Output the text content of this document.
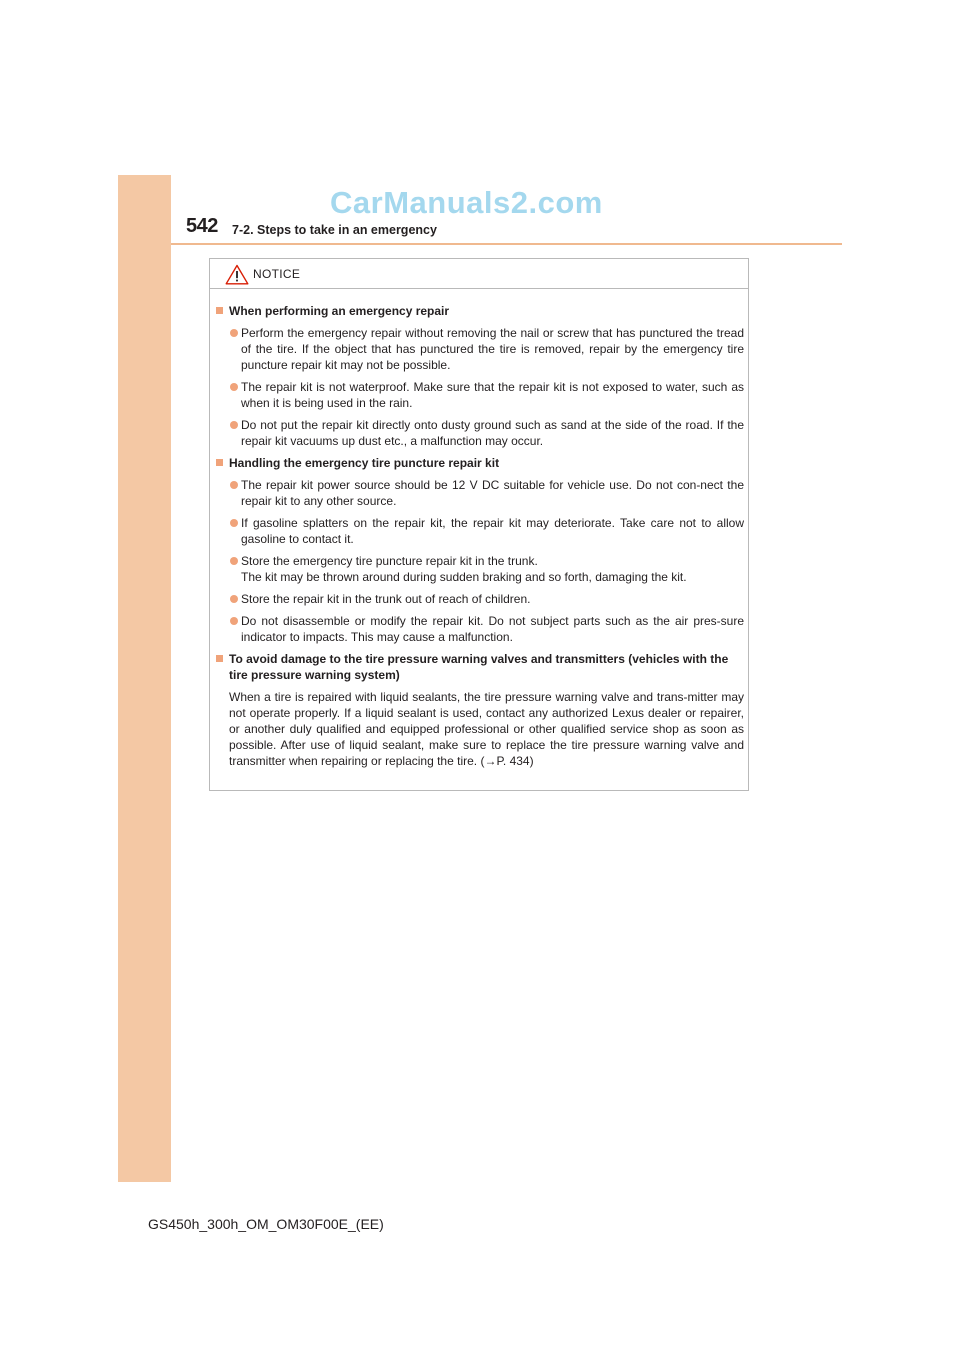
542 7-2. Steps to take in an emergency
CarManuals2.com
NOTICE
When performing an emergency repair
Perform the emergency repair without removing the nail or screw that has punctured the tread of the tire. If the object that has punctured the tire is removed, repair by the emergency tire puncture repair kit may not be possible.
The repair kit is not waterproof. Make sure that the repair kit is not exposed to water, such as when it is being used in the rain.
Do not put the repair kit directly onto dusty ground such as sand at the side of the road. If the repair kit vacuums up dust etc., a malfunction may occur.
Handling the emergency tire puncture repair kit
The repair kit power source should be 12 V DC suitable for vehicle use. Do not con-nect the repair kit to any other source.
If gasoline splatters on the repair kit, the repair kit may deteriorate. Take care not to allow gasoline to contact it.
Store the emergency tire puncture repair kit in the trunk.
The kit may be thrown around during sudden braking and so forth, damaging the kit.
Store the repair kit in the trunk out of reach of children.
Do not disassemble or modify the repair kit. Do not subject parts such as the air pres-sure indicator to impacts. This may cause a malfunction.
To avoid damage to the tire pressure warning valves and transmitters (vehicles with the tire pressure warning system)
When a tire is repaired with liquid sealants, the tire pressure warning valve and trans-mitter may not operate properly. If a liquid sealant is used, contact any authorized Lexus dealer or repairer, or another duly qualified and equipped professional or other qualified service shop as soon as possible. After use of liquid sealant, make sure to replace the tire pressure warning valve and transmitter when repairing or replacing the tire. (→P. 434)
GS450h_300h_OM_OM30F00E_(EE)
